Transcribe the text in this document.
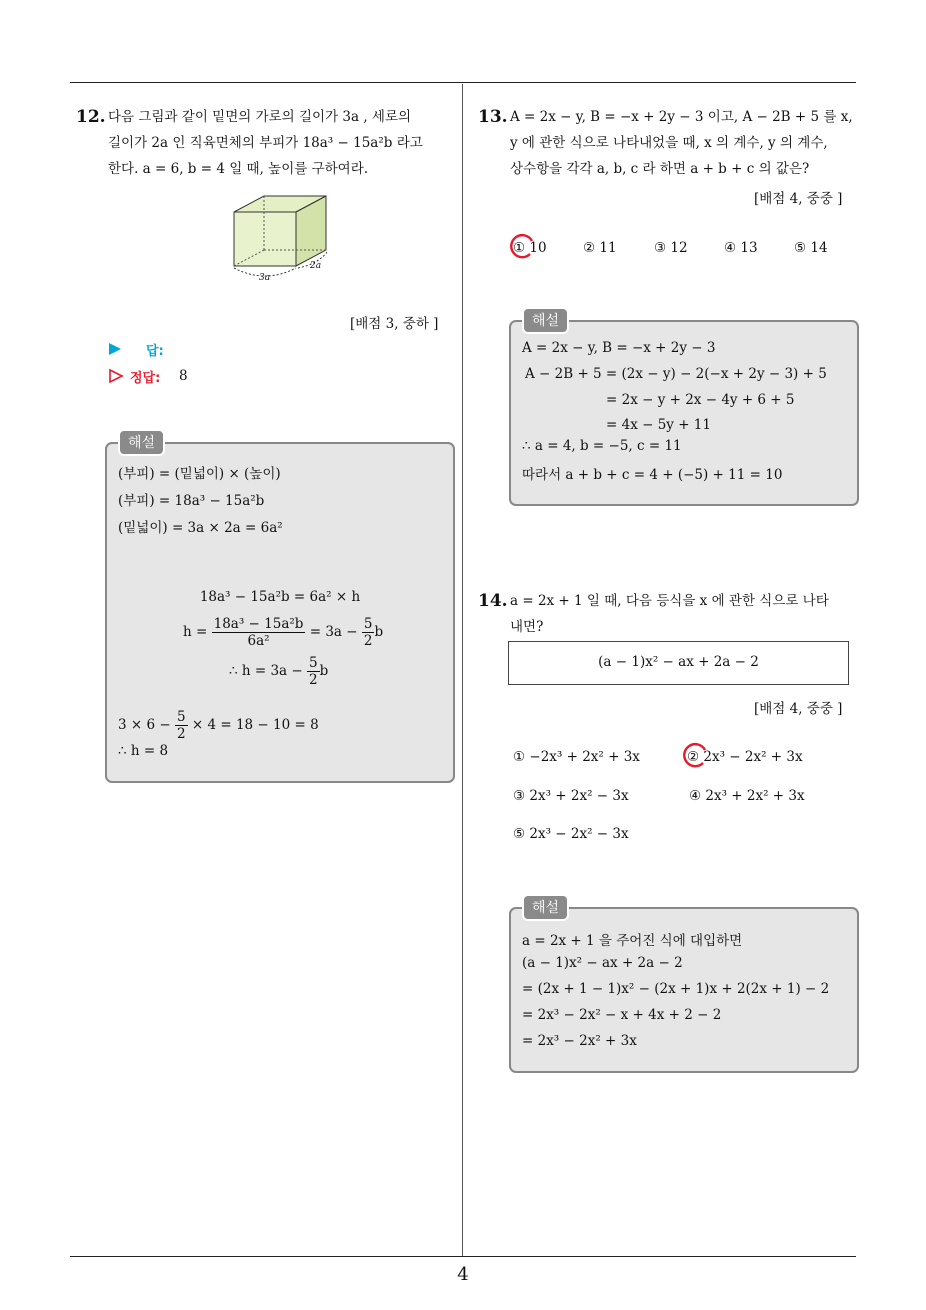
4
12. 다음 그림과 같이 밑면의 가로의 길이가 3a , 세로의
길이가 2a 인 직육면체의 부피가 18a³ − 15a²b 라고
한다. a = 6, b = 4 일 때, 높이를 구하여라.
3a
2a
[배점 3, 중하 ]
답:
정답: 8
해설
(부피) = (밑넓이) × (높이)
(부피) = 18a³ − 15a²b
(밑넓이) = 3a × 2a = 6a²
18a³ − 15a²b = 6a² × h
$h = \frac{\text{18a³ − 15a²b}}{\text{6a²}} = 3a - \frac{5}{2}$ b
∴ $h = 3a - \frac{5}{2}$ b
$3 \times 6 - \frac{5}{2} \times 4 = 18 - 10 = 8$
∴ h = 8
13. A = 2x − y, B = −x + 2y − 3 이고, A − 2B + 5 를 x,
y 에 관한 식으로 나타내었을 때, x 의 계수, y 의 계수,
상수항을 각각 a, b, c 라 하면 a + b + c 의 값은?
[배점 4, 중중 ]
① 10	② 11	③ 12	④ 13	⑤ 14
해설
A = 2x − y, B = −x + 2y − 3
A − 2B + 5 = (2x − y) − 2(−x + 2y − 3) + 5
= 2x − y + 2x − 4y + 6 + 5
= 4x − 5y + 11
∴ a = 4, b = −5, c = 11
따라서 a + b + c = 4 + (−5) + 11 = 10
14. a = 2x + 1 일 때, 다음 등식을 x 에 관한 식으로 나타
내면?
(a − 1)x² − ax + 2a − 2
[배점 4, 중중 ]
① −2x³ + 2x² + 3x	② 2x³ − 2x² + 3x
③ 2x³ + 2x² − 3x	④ 2x³ + 2x² + 3x
⑤ 2x³ − 2x² − 3x
해설
a = 2x + 1 을 주어진 식에 대입하면
(a − 1)x² − ax + 2a − 2
= (2x + 1 − 1)x² − (2x + 1)x + 2(2x + 1) − 2
= 2x³ − 2x² − x + 4x + 2 − 2
= 2x³ − 2x² + 3x
